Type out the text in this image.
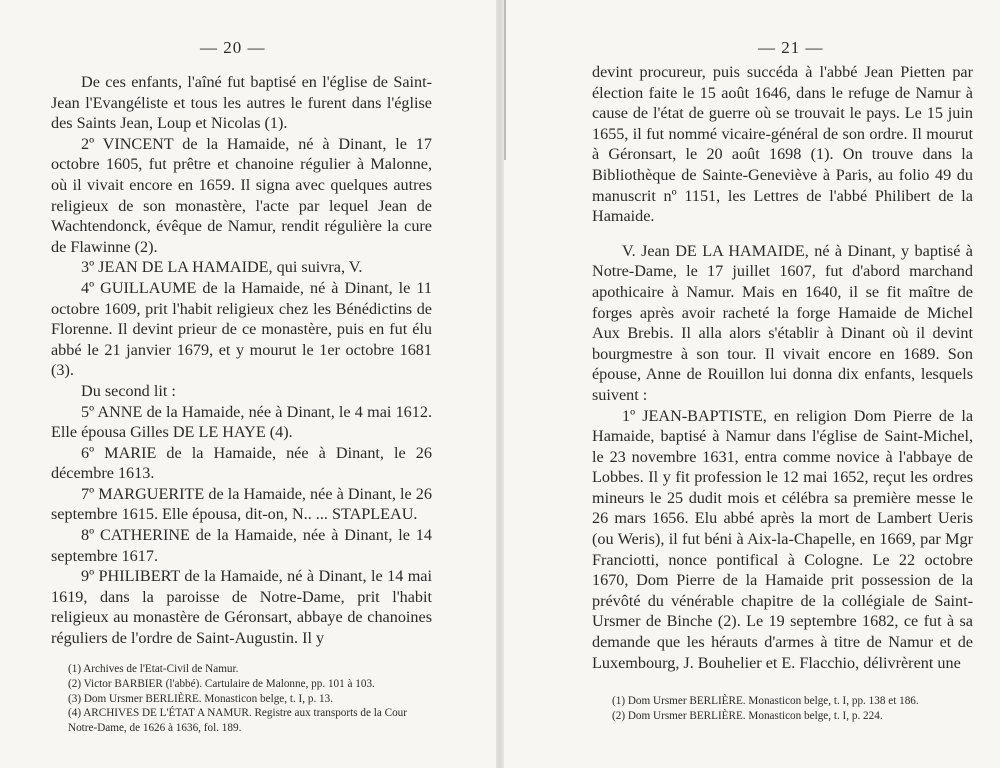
— 20 —

De ces enfants, l'aîné fut baptisé en l'église de Saint-Jean l'Evangéliste et tous les autres le furent dans l'église des Saints Jean, Loup et Nicolas (1).

2º VINCENT de la Hamaide, né à Dinant, le 17 octobre 1605, fut prêtre et chanoine régulier à Malonne, où il vivait encore en 1659. Il signa avec quelques autres religieux de son monastère, l'acte par lequel Jean de Wachtendonck, évêque de Namur, rendit régulière la cure de Flawinne (2).

3º JEAN DE LA HAMAIDE, qui suivra, V.

4º GUILLAUME de la Hamaide, né à Dinant, le 11 octobre 1609, prit l'habit religieux chez les Bénédictins de Florenne. Il devint prieur de ce monastère, puis en fut élu abbé le 21 janvier 1679, et y mourut le 1er octobre 1681 (3).

Du second lit :

5º ANNE de la Hamaide, née à Dinant, le 4 mai 1612. Elle épousa Gilles DE LE HAYE (4).

6º MARIE de la Hamaide, née à Dinant, le 26 décembre 1613.

7º MARGUERITE de la Hamaide, née à Dinant, le 26 septembre 1615. Elle épousa, dit-on, N.. ... STAPLEAU.

8º CATHERINE de la Hamaide, née à Dinant, le 14 septembre 1617.

9º PHILIBERT de la Hamaide, né à Dinant, le 14 mai 1619, dans la paroisse de Notre-Dame, prit l'habit religieux au monastère de Géronsart, abbaye de chanoines réguliers de l'ordre de Saint-Augustin. Il y

(1) Archives de l'Etat-Civil de Namur.

(2) Victor BARBIER (l'abbé). Cartulaire de Malonne, pp. 101 à 103.

(3) Dom Ursmer BERLIÈRE. Monasticon belge, t. I, p. 13.

(4) ARCHIVES DE L'ÉTAT A NAMUR. Registre aux transports de la Cour Notre-Dame, de 1626 à 1636, fol. 189.

— 21 —

devint procureur, puis succéda à l'abbé Jean Pietten par élection faite le 15 août 1646, dans le refuge de Namur à cause de l'état de guerre où se trouvait le pays. Le 15 juin 1655, il fut nommé vicaire-général de son ordre. Il mourut à Géronsart, le 20 août 1698 (1). On trouve dans la Bibliothèque de Sainte-Geneviève à Paris, au folio 49 du manuscrit nº 1151, les Lettres de l'abbé Philibert de la Hamaide.

V. Jean DE LA HAMAIDE, né à Dinant, y baptisé à Notre-Dame, le 17 juillet 1607, fut d'abord marchand apothicaire à Namur. Mais en 1640, il se fit maître de forges après avoir racheté la forge Hamaide de Michel Aux Brebis. Il alla alors s'établir à Dinant où il devint bourgmestre à son tour. Il vivait encore en 1689. Son épouse, Anne de Rouillon lui donna dix enfants, lesquels suivent :

1º JEAN-BAPTISTE, en religion Dom Pierre de la Hamaide, baptisé à Namur dans l'église de Saint-Michel, le 23 novembre 1631, entra comme novice à l'abbaye de Lobbes. Il y fit profession le 12 mai 1652, reçut les ordres mineurs le 25 dudit mois et célébra sa première messe le 26 mars 1656. Elu abbé après la mort de Lambert Ueris (ou Weris), il fut béni à Aix-la-Chapelle, en 1669, par Mgr Franciotti, nonce pontifical à Cologne. Le 22 octobre 1670, Dom Pierre de la Hamaide prit possession de la prévôté du vénérable chapitre de la collégiale de Saint-Ursmer de Binche (2). Le 19 septembre 1682, ce fut à sa demande que les hérauts d'armes à titre de Namur et de Luxembourg, J. Bouhelier et E. Flacchio, délivrèrent une

(1) Dom Ursmer BERLIÈRE. Monasticon belge, t. I, pp. 138 et 186.

(2) Dom Ursmer BERLIÈRE. Monasticon belge, t. I, p. 224.
